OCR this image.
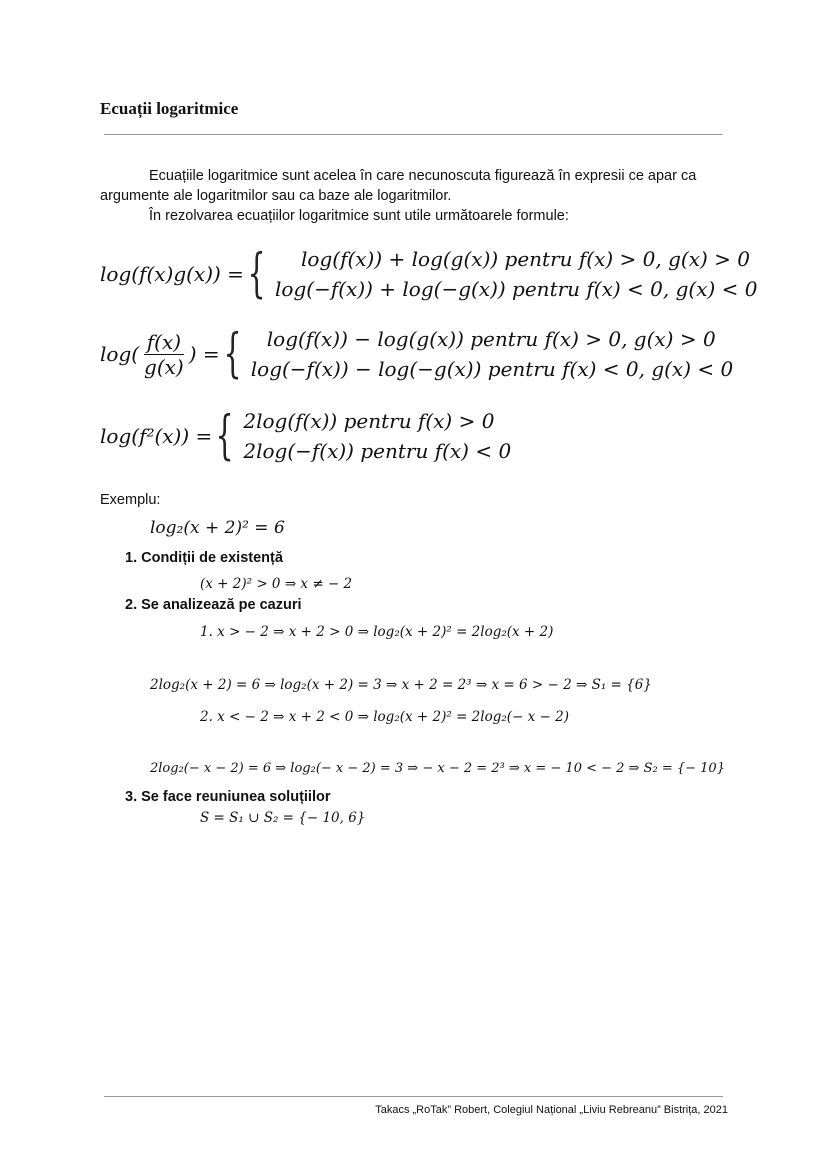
Ecuații logaritmice
Ecuațiile logaritmice sunt acelea în care necunoscuta figurează în expresii ce apar ca argumente ale logaritmilor sau ca baze ale logaritmilor.
În rezolvarea ecuațiilor logaritmice sunt utile următoarele formule:
log(f(x)g(x)) = {	log(f(x)) + log(g(x)) pentru f(x) > 0, g(x) > 0
log(−f(x)) + log(−g(x)) pentru f(x) < 0, g(x) < 0
$\log( \frac{f(x)}{g(x)}$ ) = {	log(f(x)) − log(g(x)) pentru f(x) > 0, g(x) > 0
log(−f(x)) − log(−g(x)) pentru f(x) < 0, g(x) < 0
log(f²(x)) = { 2log(f(x)) pentru f(x) > 0
2log(−f(x)) pentru f(x) < 0
Exemplu:
log₂(x + 2)² = 6
1. Condiții de existență
(x + 2)² > 0 ⇒ x ≠ − 2
2. Se analizează pe cazuri
1. x > − 2 ⇒ x + 2 > 0 ⇒ log₂(x + 2)² = 2log₂(x + 2)
2log₂(x + 2) = 6 ⇒ log₂(x + 2) = 3 ⇒ x + 2 = 2³ ⇒ x = 6 > − 2 ⇒ S₁ = {6}
2. x < − 2 ⇒ x + 2 < 0 ⇒ log₂(x + 2)² = 2log₂(− x − 2)
2log₂(− x − 2) = 6 ⇒ log₂(− x − 2) = 3 ⇒ − x − 2 = 2³ ⇒ x = − 10 < − 2 ⇒ S₂ = {− 10}
3. Se face reuniunea soluțiilor
S = S₁ ∪ S₂ = {− 10, 6}
Takacs „RoTak” Robert, Colegiul Național „Liviu Rebreanu” Bistrița, 2021
